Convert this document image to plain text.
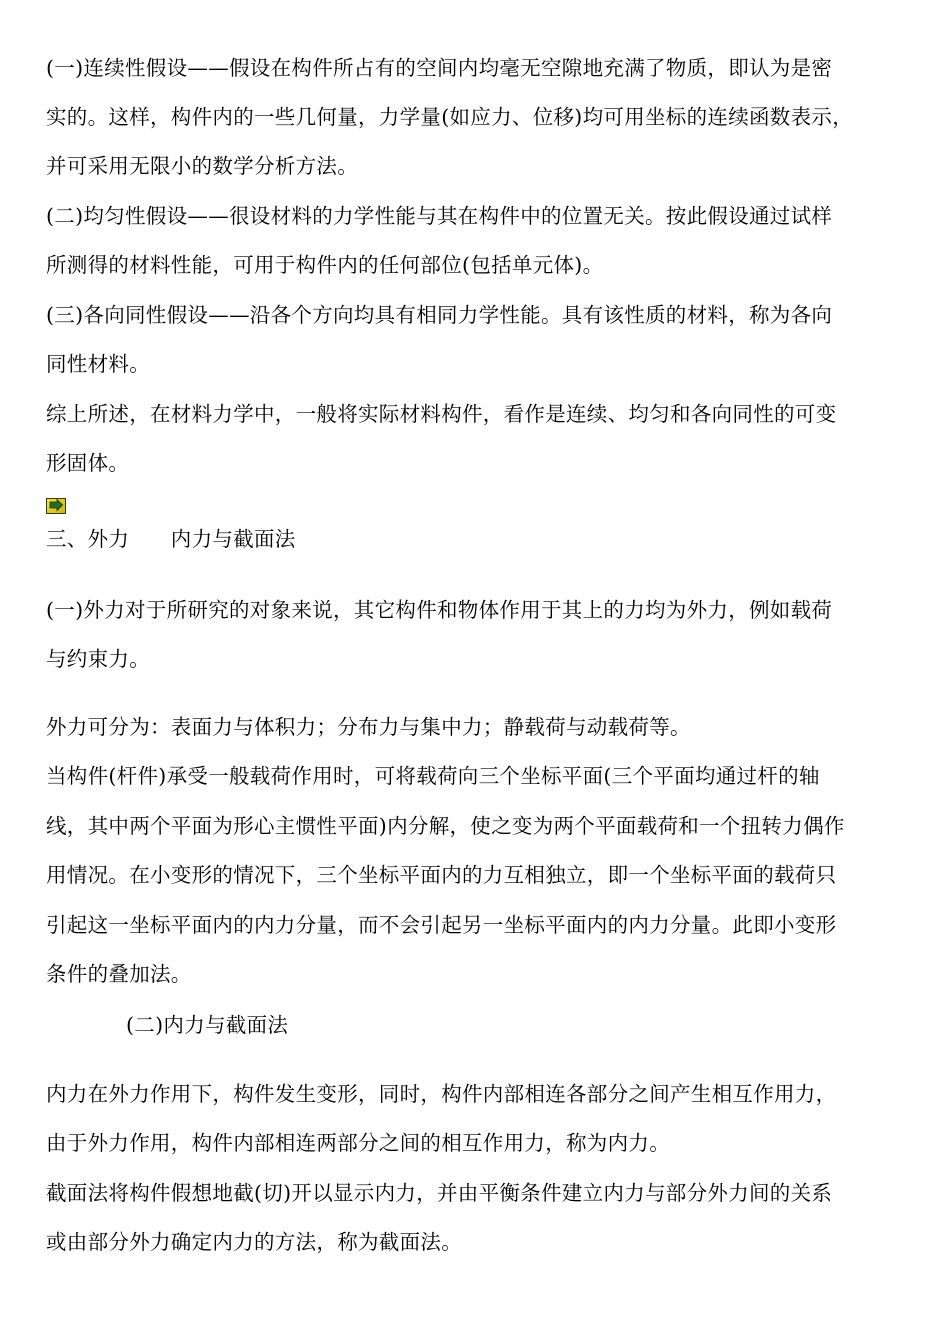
(一)连续性假设——假设在构件所占有的空间内均毫无空隙地充满了物质，即认为是密
实的。这样，构件内的一些几何量，力学量(如应力、位移)均可用坐标的连续函数表示，
并可采用无限小的数学分析方法。
(二)均匀性假设——很设材料的力学性能与其在构件中的位置无关。按此假设通过试样
所测得的材料性能，可用于构件内的任何部位(包括单元体)。
(三)各向同性假设——沿各个方向均具有相同力学性能。具有该性质的材料，称为各向
同性材料。
综上所述，在材料力学中，一般将实际材料构件，看作是连续、均匀和各向同性的可变
形固体。
三、外力　　内力与截面法
(一)外力对于所研究的对象来说，其它构件和物体作用于其上的力均为外力，例如载荷
与约束力。
外力可分为：表面力与体积力；分布力与集中力；静载荷与动载荷等。
当构件(杆件)承受一般载荷作用时，可将载荷向三个坐标平面(三个平面均通过杆的轴
线，其中两个平面为形心主惯性平面)内分解，使之变为两个平面载荷和一个扭转力偶作
用情况。在小变形的情况下，三个坐标平面内的力互相独立，即一个坐标平面的载荷只
引起这一坐标平面内的内力分量，而不会引起另一坐标平面内的内力分量。此即小变形
条件的叠加法。
(二)内力与截面法
内力在外力作用下，构件发生变形，同时，构件内部相连各部分之间产生相互作用力，
由于外力作用，构件内部相连两部分之间的相互作用力，称为内力。
截面法将构件假想地截(切)开以显示内力，并由平衡条件建立内力与部分外力间的关系
或由部分外力确定内力的方法，称为截面法。
